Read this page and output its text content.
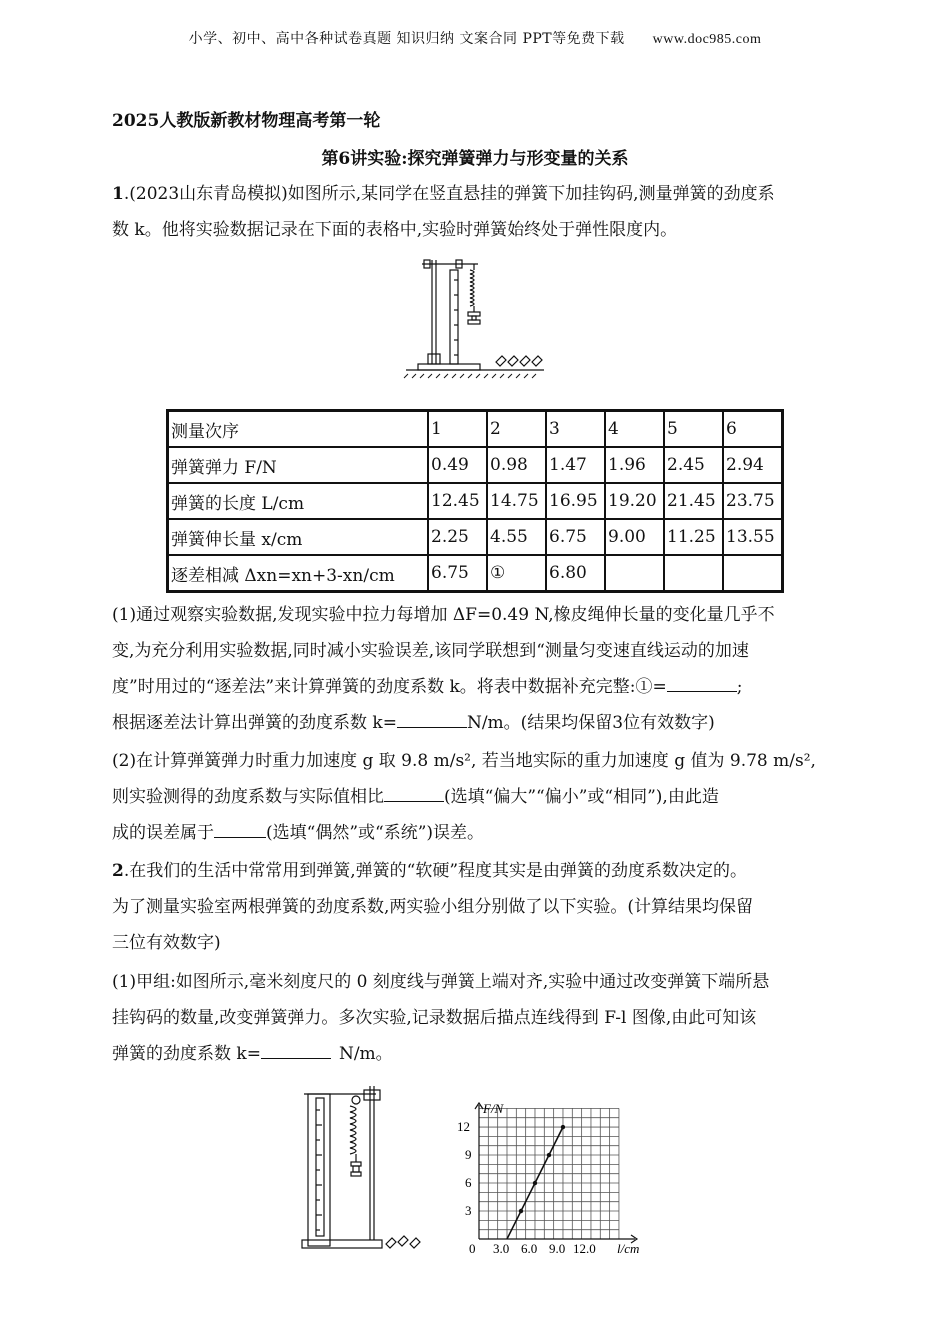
小学、初中、高中各种试卷真题 知识归纳 文案合同 PPT等免费下载 www.doc985.com
2025人教版新教材物理高考第一轮
第6讲实验:探究弹簧弹力与形变量的关系
1.(2023山东青岛模拟)如图所示,某同学在竖直悬挂的弹簧下加挂钩码,测量弹簧的劲度系
数 k。他将实验数据记录在下面的表格中,实验时弹簧始终处于弹性限度内。
测量次序	1	2	3	4	5	6
弹簧弹力 F/N	0.49	0.98	1.47	1.96	2.45	2.94
弹簧的长度 L/cm	12.45	14.75	16.95	19.20	21.45	23.75
弹簧伸长量 x/cm	2.25	4.55	6.75	9.00	11.25	13.55
逐差相减 Δxn=xn+3-xn/cm	6.75	①	6.80			
(1)通过观察实验数据,发现实验中拉力每增加 ΔF=0.49 N,橡皮绳伸长量的变化量几乎不
变,为充分利用实验数据,同时减小实验误差,该同学联想到“测量匀变速直线运动的加速
度”时用过的“逐差法”来计算弹簧的劲度系数 k。将表中数据补充完整:①=	;
根据逐差法计算出弹簧的劲度系数 k=	N/m。(结果均保留3位有效数字)
(2)在计算弹簧弹力时重力加速度 g 取 9.8 m/s², 若当地实际的重力加速度 g 值为 9.78 m/s²,
则实验测得的劲度系数与实际值相比	(选填“偏大”“偏小”或“相同”),由此造
成的误差属于	(选填“偶然”或“系统”)误差。
2.在我们的生活中常常用到弹簧,弹簧的“软硬”程度其实是由弹簧的劲度系数决定的。
为了测量实验室两根弹簧的劲度系数,两实验小组分别做了以下实验。(计算结果均保留
三位有效数字)
(1)甲组:如图所示,毫米刻度尺的 0 刻度线与弹簧上端对齐,实验中通过改变弹簧下端所悬
挂钩码的数量,改变弹簧弹力。多次实验,记录数据后描点连线得到 F-l 图像,由此可知该
弹簧的劲度系数 k=	N/m。
F/N
l/cm
0 3.0 6.0 9.0 12.0
3
6
9
12
